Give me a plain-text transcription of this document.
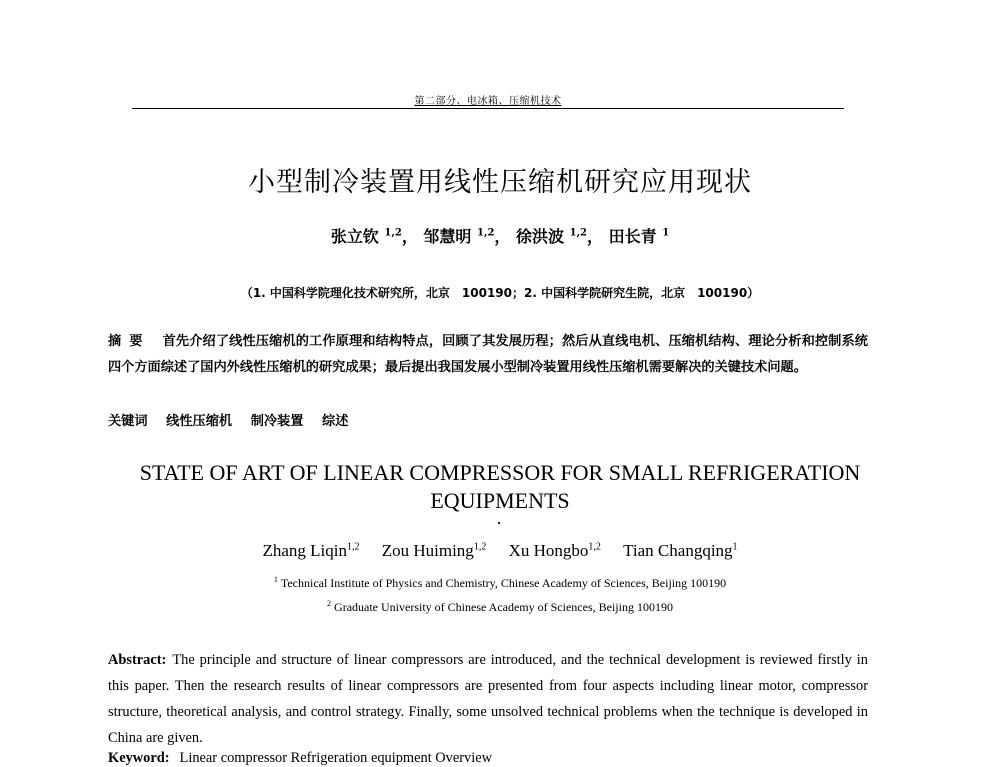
第二部分、电冰箱、压缩机技术
小型制冷装置用线性压缩机研究应用现状
张立钦 $^{1,2}$， 邹慧明 $^{1,2}$， 徐洪波 $^{1,2}$， 田长青 $^1$
（1. 中国科学院理化技术研究所，北京　100190；2. 中国科学院研究生院，北京　100190）
摘要 首先介绍了线性压缩机的工作原理和结构特点，回顾了其发展历程；然后从直线电机、压缩机结构、理论分析和控制系统四个方面综述了国内外线性压缩机的研究成果；最后提出我国发展小型制冷装置用线性压缩机需要解决的关键技术问题。
关键词 线性压缩机 制冷装置 综述
STATE OF ART OF LINEAR COMPRESSOR FOR SMALL REFRIGERATION EQUIPMENTS
Zhang Liqin$^{1,2}$ Zou Huiming$^{1,2}$ Xu Hongbo$^{1,2}$ Tian Changqing$^1$
$^1$ Technical Institute of Physics and Chemistry, Chinese Academy of Sciences, Beijing 100190
$^2$ Graduate University of Chinese Academy of Sciences, Beijing 100190
Abstract: The principle and structure of linear compressors are introduced, and the technical development is reviewed firstly in this paper. Then the research results of linear compressors are presented from four aspects including linear motor, compressor structure, theoretical analysis, and control strategy. Finally, some unsolved technical problems when the technique is developed in China are given.
Keyword: Linear compressor Refrigeration equipment Overview
